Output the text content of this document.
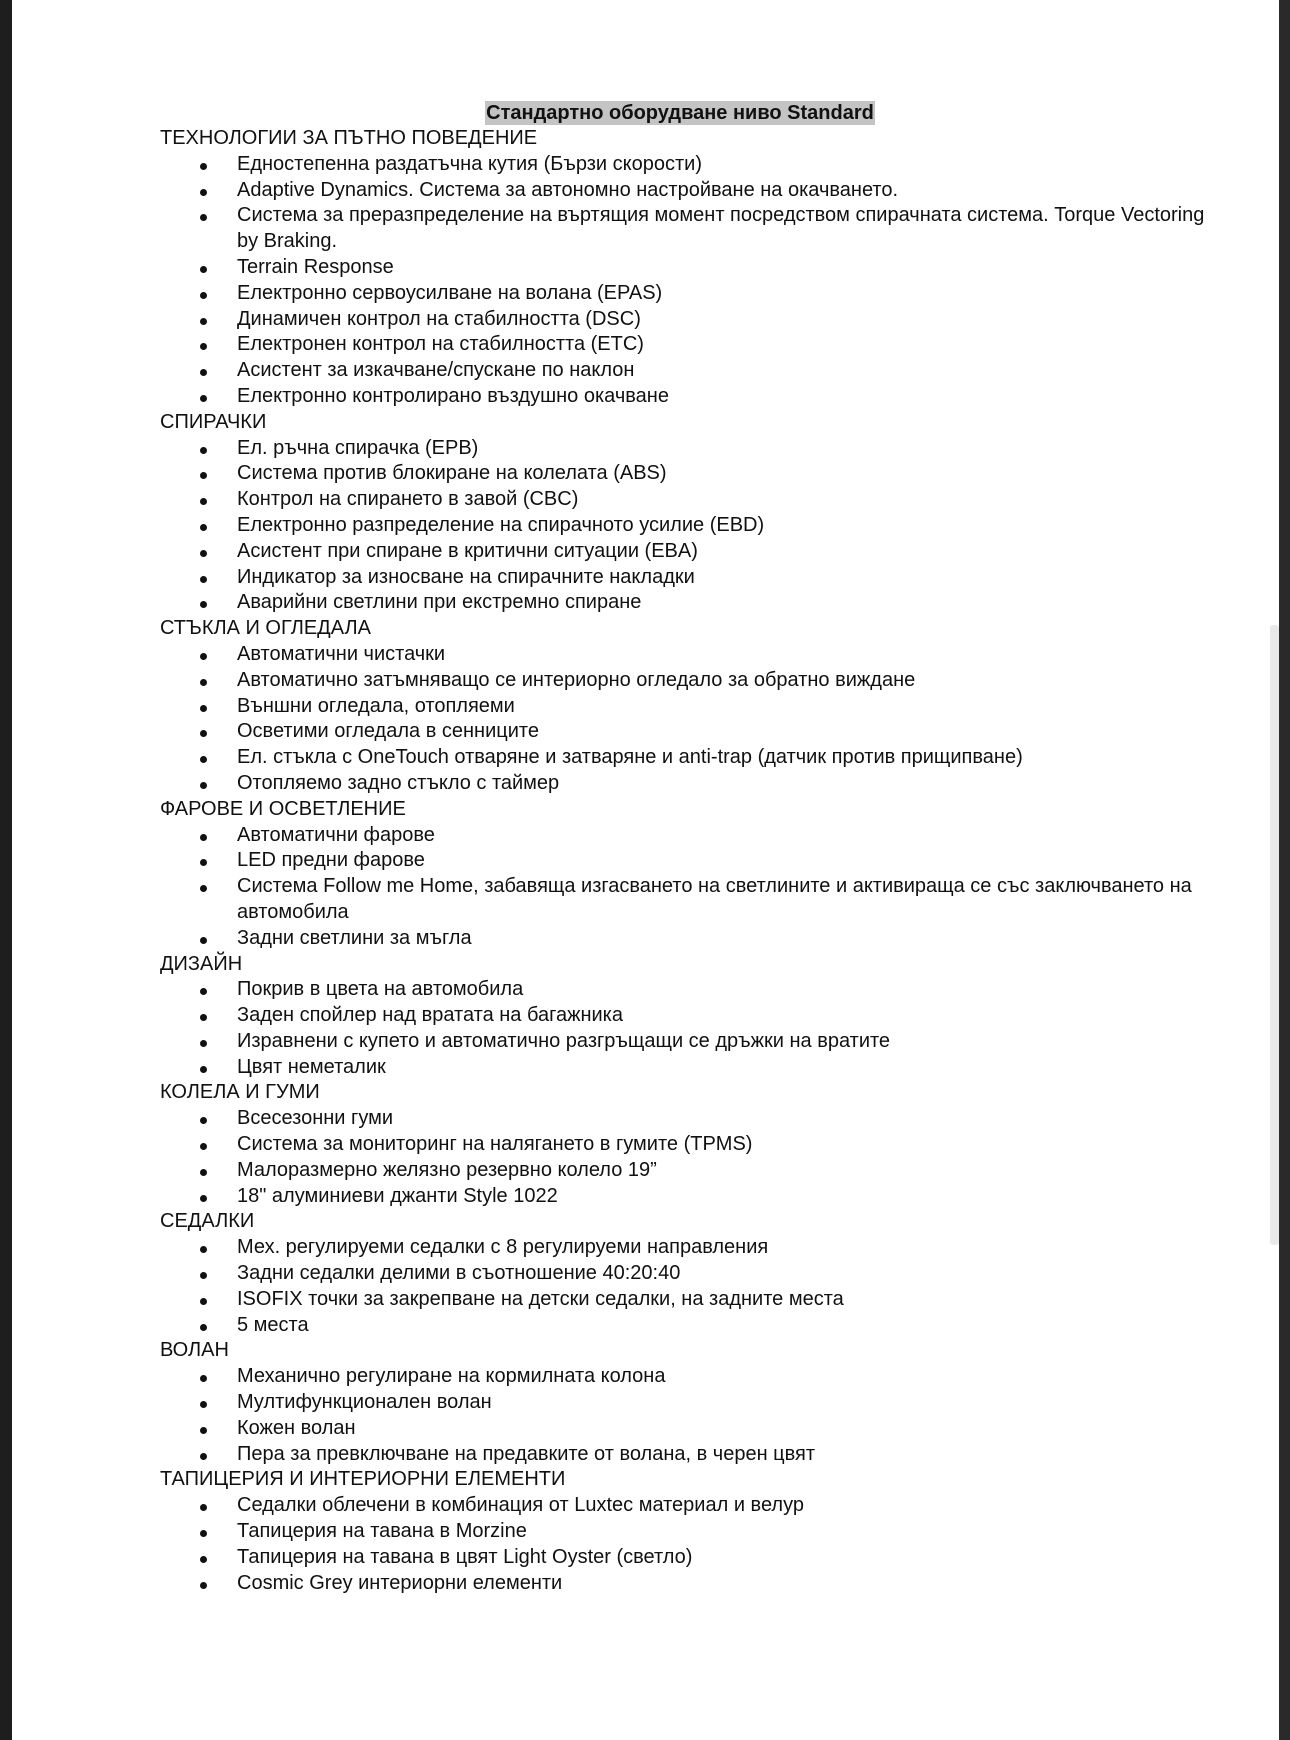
Стандартно оборудване ниво Standard
ТЕХНОЛОГИИ ЗА ПЪТНО ПОВЕДЕНИЕ
Едностепенна раздатъчна кутия (Бързи скорости)
Adaptive Dynamics. Система за автономно настройване на окачването.
Система за преразпределение на въртящия момент посредством спирачната система. Torque Vectoring by Braking.
Terrain Response
Електронно сервоусилване на волана (EPAS)
Динамичен контрол на стабилността (DSC)
Електронен контрол на стабилността (ETC)
Асистент за изкачване/спускане по наклон
Електронно контролирано въздушно окачване
СПИРАЧКИ
Ел. ръчна спирачка (EPB)
Система против блокиране на колелата (ABS)
Контрол на спирането в завой (CBC)
Електронно разпределение на спирачното усилие (EBD)
Асистент при спиране в критични ситуации (EBA)
Индикатор за износване на спирачните накладки
Аварийни светлини при екстремно спиране
СТЪКЛА И ОГЛЕДАЛА
Автоматични чистачки
Автоматично затъмняващо се интериорно огледало за обратно виждане
Външни огледала, отопляеми
Осветими огледала в сенниците
Ел. стъкла с OneTouch отваряне и затваряне и anti-trap (датчик против прищипване)
Отопляемо задно стъкло с таймер
ФАРОВЕ И ОСВЕТЛЕНИЕ
Автоматични фарове
LED предни фарове
Система Follow me Home, забавяща изгасването на светлините и активираща се със заключването на автомобила
Задни светлини за мъгла
ДИЗАЙН
Покрив в цвета на автомобила
Заден спойлер над вратата на багажника
Изравнени с купето и автоматично разгръщащи се дръжки на вратите
Цвят неметалик
КОЛЕЛА И ГУМИ
Всесезонни гуми
Система за мониторинг на налягането в гумите (TPMS)
Малоразмерно желязно резервно колело 19”
18" алуминиеви джанти Style 1022
СЕДАЛКИ
Мех. регулируеми седалки с 8 регулируеми направления
Задни седалки делими в съотношение 40:20:40
ISOFIX точки за закрепване на детски седалки, на задните места
5 места
ВОЛАН
Механично регулиране на кормилната колона
Мултифункционален волан
Кожен волан
Пера за превключване на предавките от волана, в черен цвят
ТАПИЦЕРИЯ И ИНТЕРИОРНИ ЕЛЕМЕНТИ
Седалки облечени в комбинация от Luxtec материал и велур
Тапицерия на тавана в Morzine
Тапицерия на тавана в цвят Light Oyster (светло)
Cosmic Grey интериорни елементи
